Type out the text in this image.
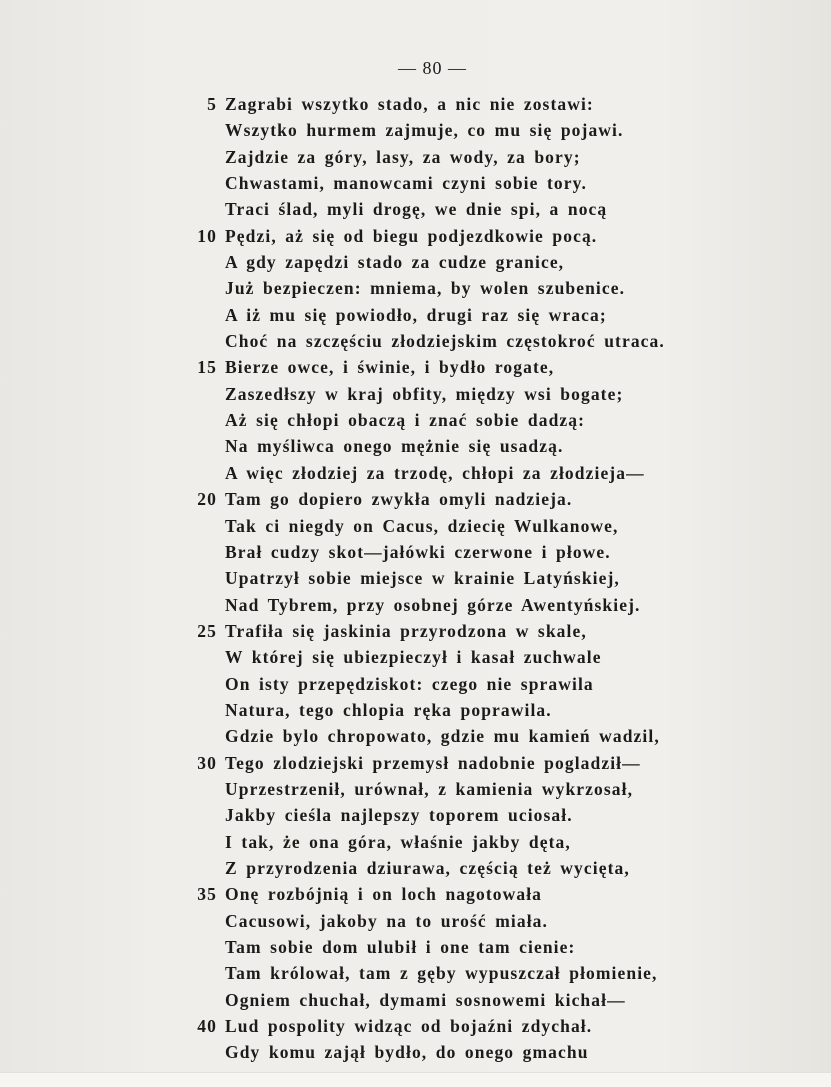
— 80 —
5 Zagrabi wszytko stado, a nic nie zostawi:
Wszytko hurmem zajmuje, co mu się pojawi.
Zajdzie za góry, lasy, za wody, za bory;
Chwastami, manowcami czyni sobie tory.
Traci ślad, myli drogę, we dnie spi, a nocą
10 Pędzi, aż się od biegu podjezdkowie pocą.
A gdy zapędzi stado za cudze granice,
Już bezpieczen: mniema, by wolen szubenice.
A iż mu się powiodło, drugi raz się wraca;
Choć na szczęściu złodziejskim częstokroć utraca.
15 Bierze owce, i świnie, i bydło rogate,
Zaszedłszy w kraj obfity, między wsi bogate;
Aż się chłopi obaczą i znać sobie dadzą:
Na myśliwca onego mężnie się usadzą.
A więc złodziej za trzodę, chłopi za złodzieja—
20 Tam go dopiero zwykła omyli nadzieja.
Tak ci niegdy on Cacus, dziecię Wulkanowe,
Brał cudzy skot—jałówki czerwone i płowe.
Upatrzył sobie miejsce w krainie Latyńskiej,
Nad Tybrem, przy osobnej górze Awentyńskiej.
25 Trafiła się jaskinia przyrodzona w skale,
W której się ubiezpieczył i kasał zuchwale
On isty przepędziskot: czego nie sprawila
Natura, tego chlopia ręka poprawila.
Gdzie bylo chropowato, gdzie mu kamień wadzil,
30 Tego zlodziejski przemysł nadobnie pogladził—
Uprzestrzenił, urównał, z kamienia wykrzosał,
Jakby cieśla najlepszy toporem uciosał.
I tak, że ona góra, właśnie jakby dęta,
Z przyrodzenia dziurawa, częścią też wycięta,
35 Onę rozbójnią i on loch nagotowała
Cacusowi, jakoby na to urość miała.
Tam sobie dom ulubił i one tam cienie:
Tam królował, tam z gęby wypuszczał płomienie,
Ogniem chuchał, dymami sosnowemi kichał—
40 Lud pospolity widząc od bojaźni zdychał.
Gdy komu zajął bydło, do onego gmachu
